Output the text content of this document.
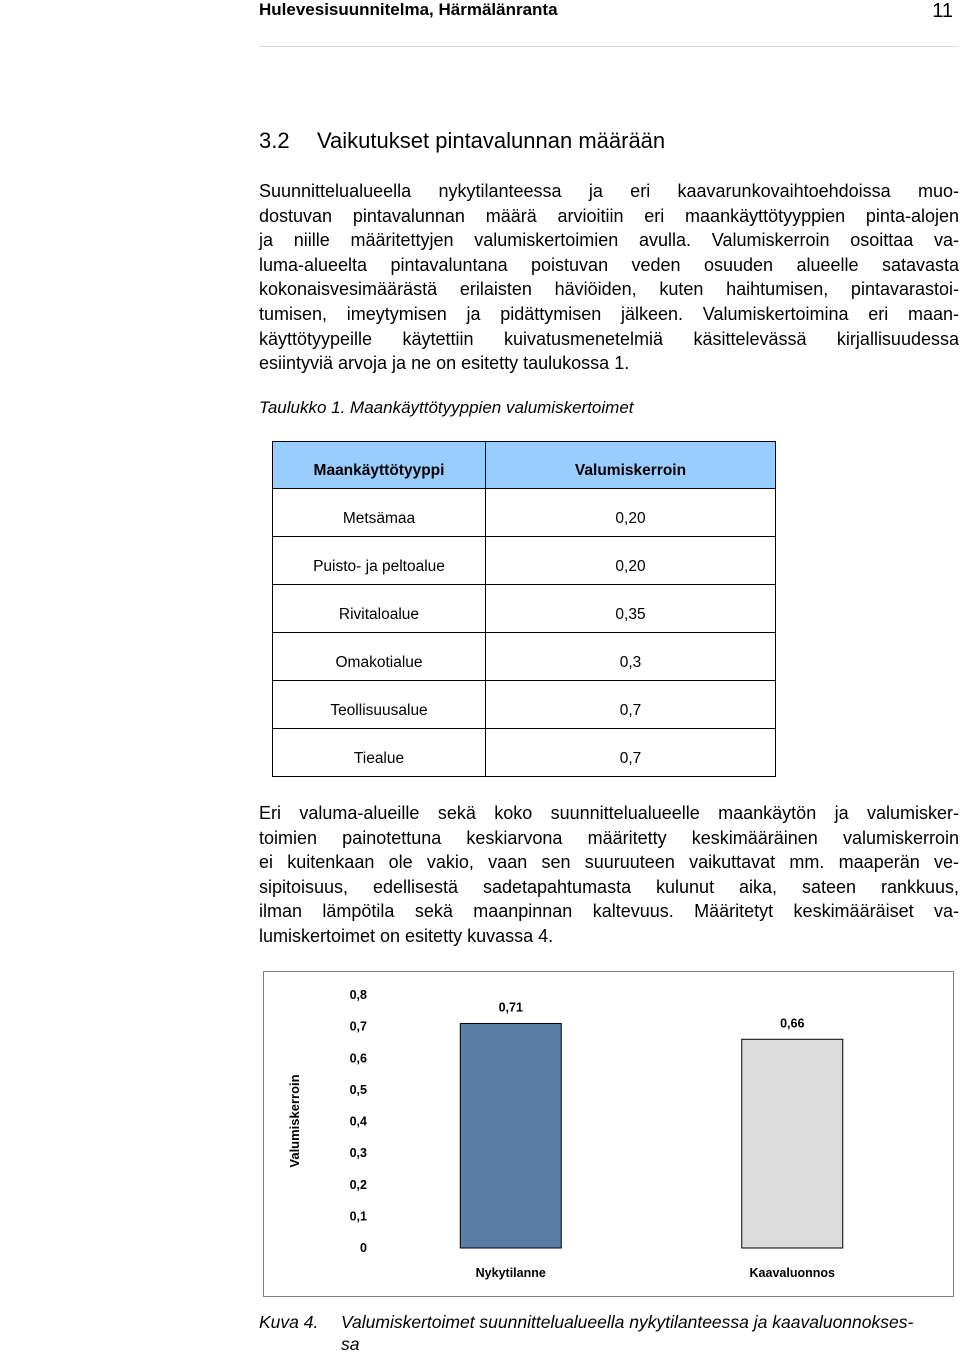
Hulevesisuunnitelma, Härmälänranta	11
3.2 Vaikutukset pintavalunnan määrään
Suunnittelualueella nykytilanteessa ja eri kaavarunkovaihtoehdoissa muo-
dostuvan pintavalunnan määrä arvioitiin eri maankäyttötyyppien pinta-alojen
ja niille määritettyjen valumiskertoimien avulla. Valumiskerroin osoittaa va-
luma-alueelta pintavaluntana poistuvan veden osuuden alueelle satavasta
kokonaisvesimäärästä erilaisten häviöiden, kuten haihtumisen, pintavarastoi-
tumisen, imeytymisen ja pidättymisen jälkeen. Valumiskertoimina eri maan-
käyttötyypeille käytettiin kuivatusmenetelmiä käsittelevässä kirjallisuudessa
esiintyviä arvoja ja ne on esitetty taulukossa 1.
Taulukko 1. Maankäyttötyyppien valumiskertoimet
Maankäyttötyyppi	Valumiskerroin
Metsämaa	0,20
Puisto- ja peltoalue	0,20
Rivitaloalue	0,35
Omakotialue	0,3
Teollisuusalue	0,7
Tiealue	0,7
Eri valuma-alueille sekä koko suunnittelualueelle maankäytön ja valumisker-
toimien painotettuna keskiarvona määritetty keskimääräinen valumiskerroin
ei kuitenkaan ole vakio, vaan sen suuruuteen vaikuttavat mm. maaperän ve-
sipitoisuus, edellisestä sadetapahtumasta kulunut aika, sateen rankkuus,
ilman lämpötila sekä maanpinnan kaltevuus. Määritetyt keskimääräiset va-
lumiskertoimet on esitetty kuvassa 4.
0
0,1
0,2
0,3
0,4
0,5
0,6
0,7
0,8
Valumiskerroin
0,71
Nykytilanne
0,66
Kaavaluonnos
Kuva 4.	Valumiskertoimet suunnittelualueella nykytilanteessa ja kaavaluonnokses-
sa
